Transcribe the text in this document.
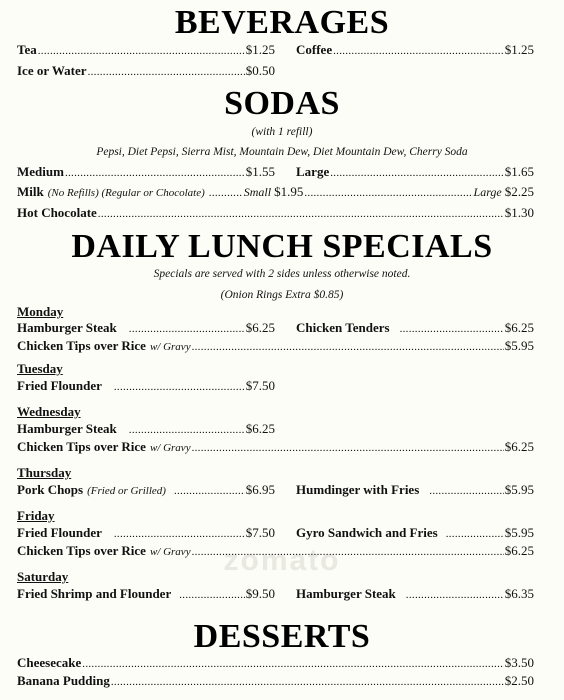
zomato
BEVERAGES
Tea .....	$1.25 Coffee .....	$1.25
Ice or Water .....	$0.50
SODAS
(with 1 refill)
Pepsi, Diet Pepsi, Sierra Mist, Mountain Dew, Diet Mountain Dew, Cherry Soda
Medium .....	$1.55 Large .....	$1.65
Milk (No Refills) (Regular or Chocolate) .....	Small $1.95 .....	Large $2.25
Hot Chocolate .....	$1.30
DAILY LUNCH SPECIALS
Specials are served with 2 sides unless otherwise noted.
(Onion Rings Extra $0.85)
Monday
Hamburger Steak .....	$6.25 Chicken Tenders .....	$6.25
Chicken Tips over Rice w/ Gravy .....	$5.95
Tuesday
Fried Flounder .....	$7.50
Wednesday
Hamburger Steak .....	$6.25
Chicken Tips over Rice w/ Gravy .....	$6.25
Thursday
Pork Chops (Fried or Grilled) .....	$6.95 Humdinger with Fries .....	$5.95
Friday
Fried Flounder .....	$7.50 Gyro Sandwich and Fries .....	$5.95
Chicken Tips over Rice w/ Gravy .....	$6.25
Saturday
Fried Shrimp and Flounder .....	$9.50 Hamburger Steak .....	$6.35
DESSERTS
Cheesecake .....	$3.50
Banana Pudding .....	$2.50
